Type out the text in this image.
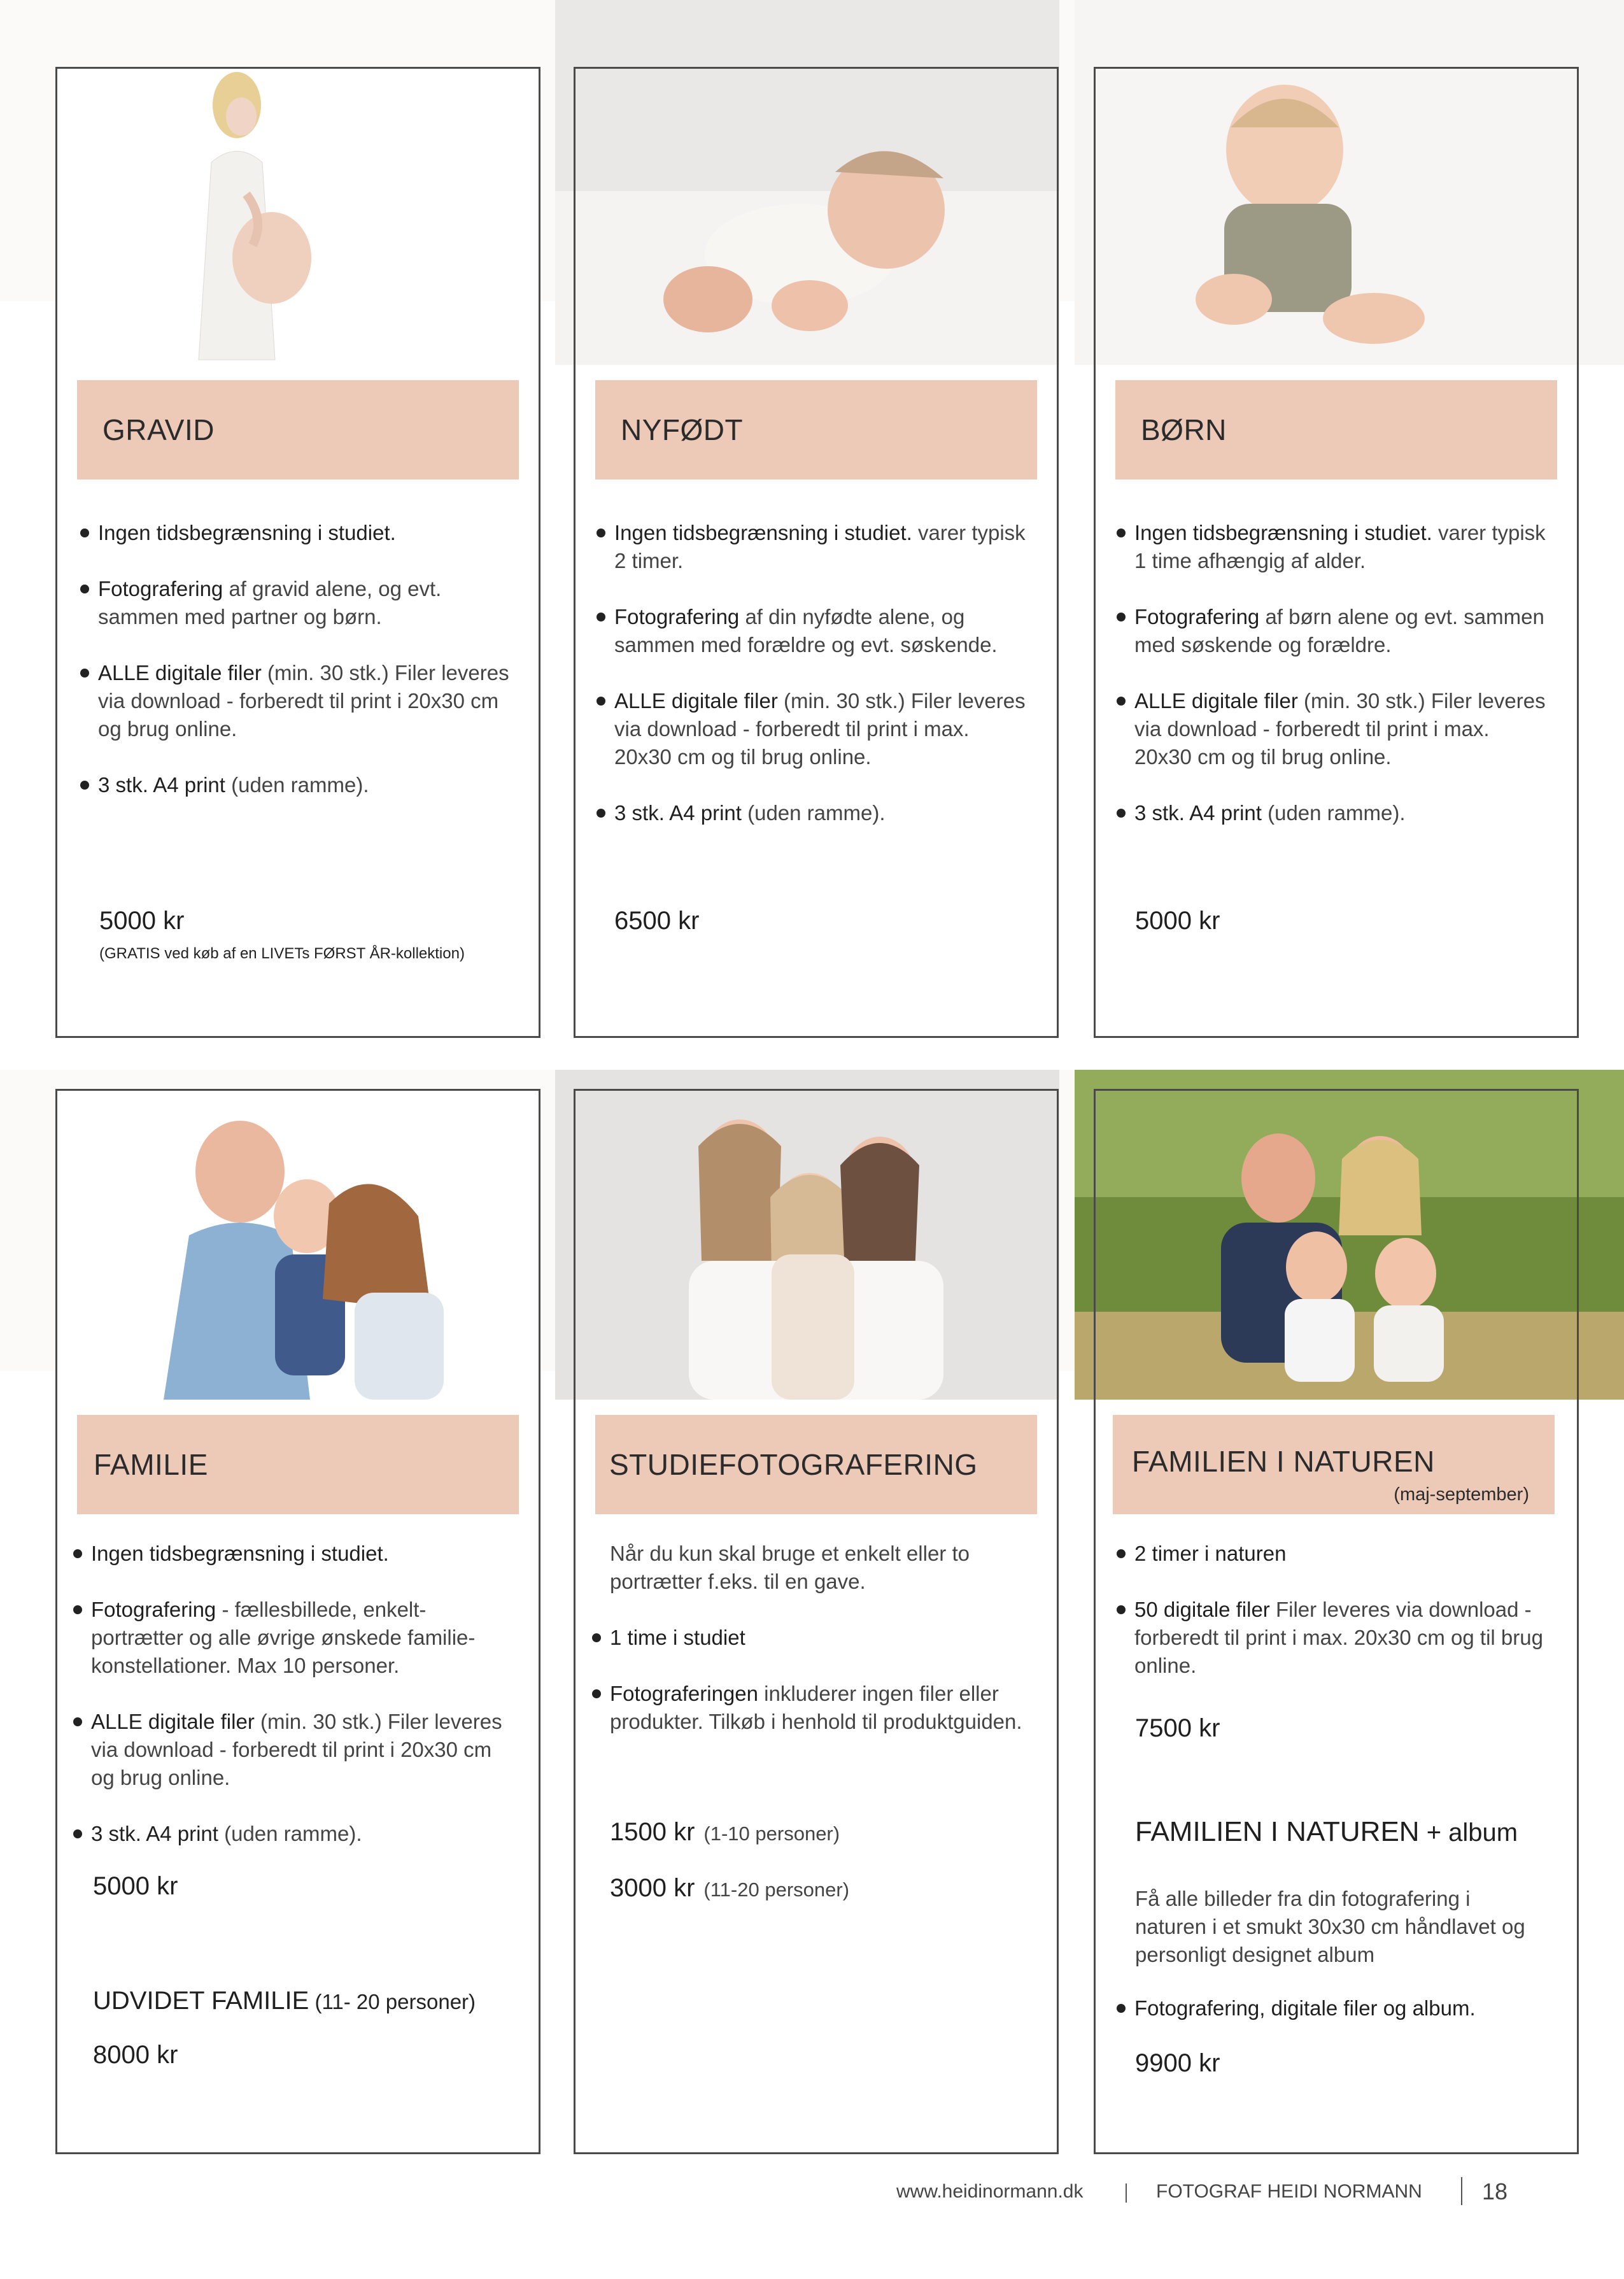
GRAVID	NYFØDT	BØRN
FAMILIE	STUDIEFOTOGRAFERING	FAMILIEN I NATUREN
(maj-september)
Ingen tidsbegrænsning i studiet.
Fotografering af gravid alene, og evt. sammen med partner og børn.
ALLE digitale filer (min. 30 stk.) Filer leveres via download - forberedt til print i 20x30 cm og brug online.
3 stk. A4 print (uden ramme).
5000 kr
(GRATIS ved køb af en LIVETs FØRST ÅR-kollektion)
Ingen tidsbegrænsning i studiet. varer typisk 2 timer.
Fotografering af din nyfødte alene, og sammen med forældre og evt. søskende.
ALLE digitale filer (min. 30 stk.) Filer leveres via download - forberedt til print i max. 20x30 cm og til brug online.
3 stk. A4 print (uden ramme).
6500 kr
Ingen tidsbegrænsning i studiet. varer typisk 1 time afhængig af alder.
Fotografering af børn alene og evt. sammen med søskende og forældre.
ALLE digitale filer (min. 30 stk.) Filer leveres via download - forberedt til print i max. 20x30 cm og til brug online.
3 stk. A4 print (uden ramme).
5000 kr
Ingen tidsbegrænsning i studiet.
Fotografering - fællesbillede, enkelt-portrætter og alle øvrige ønskede familie-konstellationer. Max 10 personer.
ALLE digitale filer (min. 30 stk.) Filer leveres via download - forberedt til print i 20x30 cm og brug online.
3 stk. A4 print (uden ramme).
5000 kr
UDVIDET FAMILIE (11- 20 personer)
8000 kr
Når du kun skal bruge et enkelt eller to portrætter f.eks. til en gave.
1 time i studiet
Fotograferingen inkluderer ingen filer eller produkter. Tilkøb i henhold til produktguiden.
1500 kr (1-10 personer)
3000 kr (11-20 personer)
2 timer i naturen
50 digitale filer Filer leveres via download - forberedt til print i max. 20x30 cm og til brug online.
7500 kr
FAMILIEN I NATUREN + album
Få alle billeder fra din fotografering i naturen i et smukt 30x30 cm håndlavet og personligt designet album
Fotografering, digitale filer og album.
9900 kr
www.heidinormann.dk	FOTOGRAF HEIDI NORMANN	18
